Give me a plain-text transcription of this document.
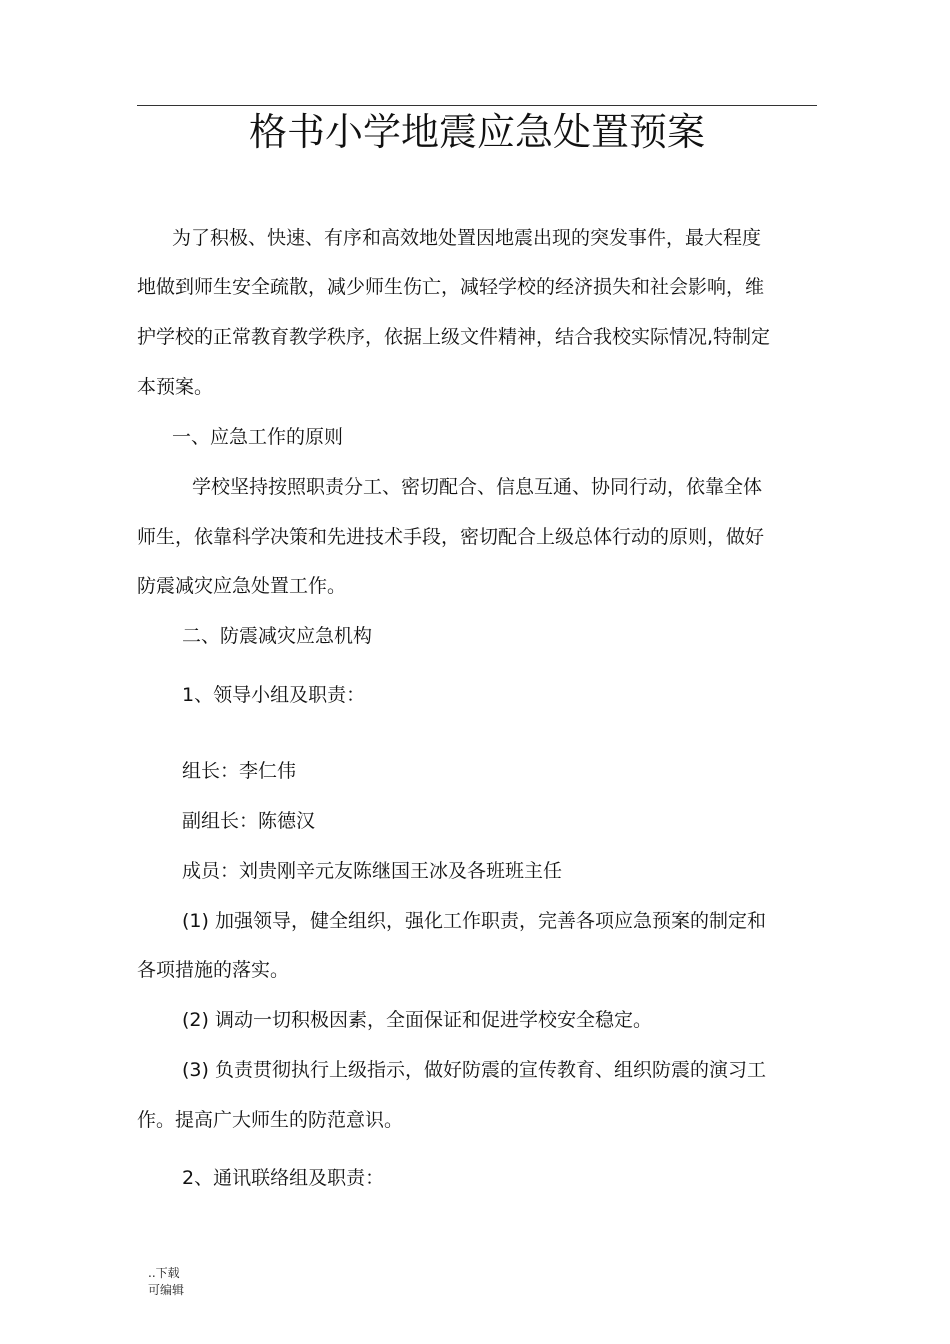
格书小学地震应急处置预案

为了积极、快速、有序和高效地处置因地震出现的突发事件，最大程度

地做到师生安全疏散，减少师生伤亡，减轻学校的经济损失和社会影响，维

护学校的正常教育教学秩序，依据上级文件精神，结合我校实际情况,特制定

本预案。

一、应急工作的原则

学校坚持按照职责分工、密切配合、信息互通、协同行动，依靠全体

师生，依靠科学决策和先进技术手段，密切配合上级总体行动的原则，做好

防震减灾应急处置工作。

二、防震减灾应急机构

1、领导小组及职责：

组长：李仁伟

副组长：陈德汉

成员：刘贵刚辛元友陈继国王冰及各班班主任

(1) 加强领导，健全组织，强化工作职责，完善各项应急预案的制定和

各项措施的落实。

(2) 调动一切积极因素，全面保证和促进学校安全稳定。

(3) 负责贯彻执行上级指示，做好防震的宣传教育、组织防震的演习工

作。提高广大师生的防范意识。

2、通讯联络组及职责：

..下载
可编辑
